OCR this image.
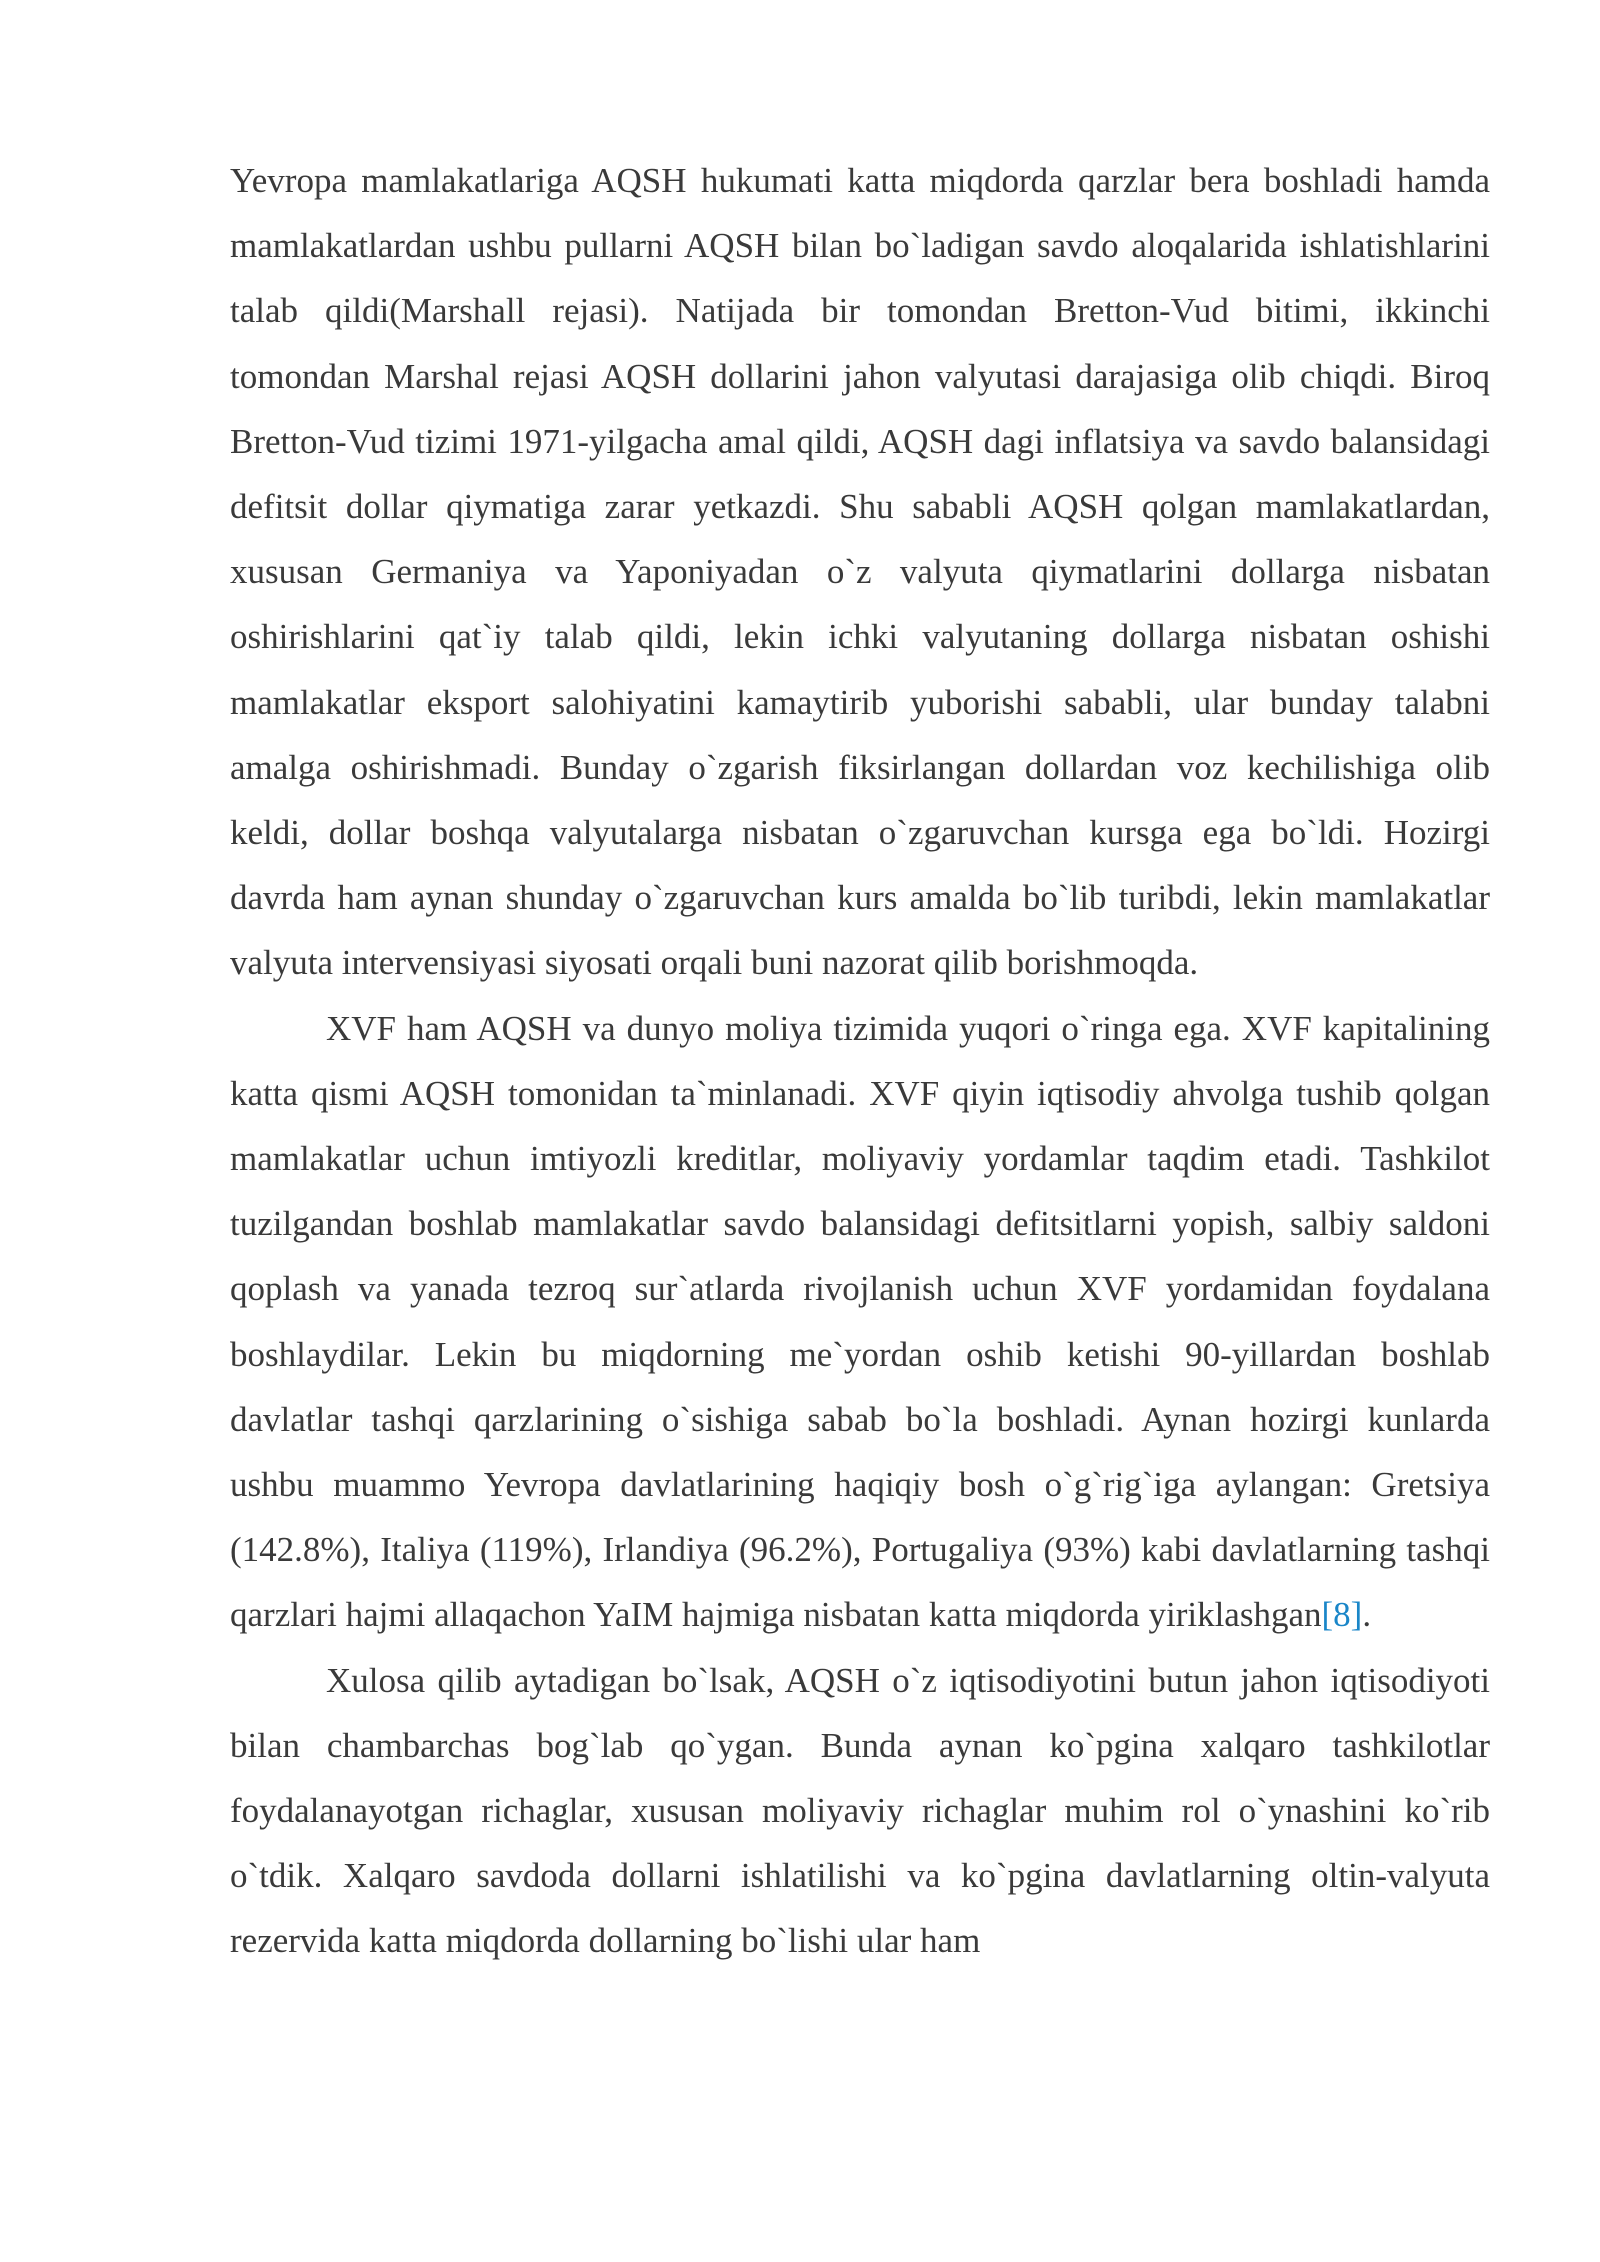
Yevropa mamlakatlariga AQSH hukumati katta miqdorda qarzlar bera boshladi hamda mamlakatlardan ushbu pullarni AQSH bilan bo`ladigan savdo aloqalarida ishlatishlarini talab qildi(Marshall rejasi). Natijada bir tomondan Bretton-Vud bitimi, ikkinchi tomondan Marshal rejasi AQSH dollarini jahon valyutasi darajasiga olib chiqdi. Biroq Bretton-Vud tizimi 1971-yilgacha amal qildi, AQSH dagi inflatsiya va savdo balansidagi defitsit dollar qiymatiga zarar yetkazdi. Shu sababli AQSH qolgan mamlakatlardan, xususan Germaniya va Yaponiyadan o`z valyuta qiymatlarini dollarga nisbatan oshirishlarini qat`iy talab qildi, lekin ichki valyutaning dollarga nisbatan oshishi mamlakatlar eksport salohiyatini kamaytirib yuborishi sababli, ular bunday talabni amalga oshirishmadi. Bunday o`zgarish fiksirlangan dollardan voz kechilishiga olib keldi, dollar boshqa valyutalarga nisbatan o`zgaruvchan kursga ega bo`ldi. Hozirgi davrda ham aynan shunday o`zgaruvchan kurs amalda bo`lib turibdi, lekin mamlakatlar valyuta intervensiyasi siyosati orqali buni nazorat qilib borishmoqda.

XVF ham AQSH va dunyo moliya tizimida yuqori o`ringa ega. XVF kapitalining katta qismi AQSH tomonidan ta`minlanadi. XVF qiyin iqtisodiy ahvolga tushib qolgan mamlakatlar uchun imtiyozli kreditlar, moliyaviy yordamlar taqdim etadi. Tashkilot tuzilgandan boshlab mamlakatlar savdo balansidagi defitsitlarni yopish, salbiy saldoni qoplash va yanada tezroq sur`atlarda rivojlanish uchun XVF yordamidan foydalana boshlaydilar. Lekin bu miqdorning me`yordan oshib ketishi 90-yillardan boshlab davlatlar tashqi qarzlarining o`sishiga sabab bo`la boshladi. Aynan hozirgi kunlarda ushbu muammo Yevropa davlatlarining haqiqiy bosh o`g`rig`iga aylangan: Gretsiya (142.8%), Italiya (119%), Irlandiya (96.2%), Portugaliya (93%) kabi davlatlarning tashqi qarzlari hajmi allaqachon YaIM hajmiga nisbatan katta miqdorda yiriklashgan[8].

Xulosa qilib aytadigan bo`lsak, AQSH o`z iqtisodiyotini butun jahon iqtisodiyoti bilan chambarchas bog`lab qo`ygan. Bunda aynan ko`pgina xalqaro tashkilotlar foydalanayotgan richaglar, xususan moliyaviy richaglar muhim rol o`ynashini ko`rib o`tdik. Xalqaro savdoda dollarni ishlatilishi va ko`pgina davlatlarning oltin-valyuta rezervida katta miqdorda dollarning bo`lishi ular ham
